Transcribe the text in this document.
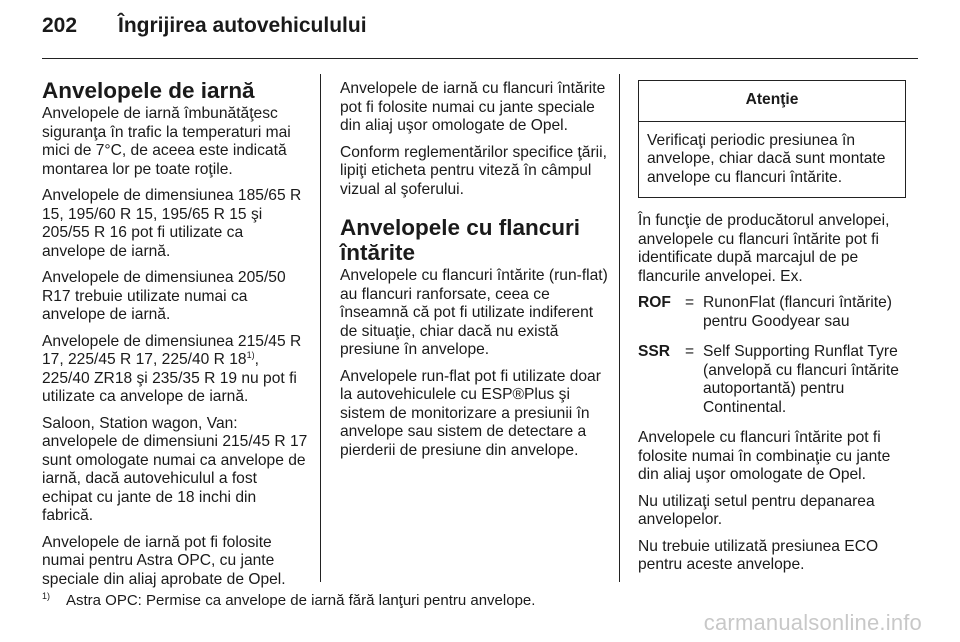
202 Îngrijirea autovehiculului
Anvelopele de iarnă

Anvelopele de iarnă îmbunătăţesc siguranţa în trafic la temperaturi mai mici de 7°C, de aceea este indicată montarea lor pe toate roţile.

Anvelopele de dimensiunea 185/65 R 15, 195/60 R 15, 195/65 R 15 şi 205/55 R 16 pot fi utilizate ca anvelope de iarnă.

Anvelopele de dimensiunea 205/50 R17 trebuie utilizate numai ca anvelope de iarnă.

Anvelopele de dimensiunea 215/45 R 17, 225/45 R 17, 225/40 R 18$^{1)}$, 225/40 ZR18 şi 235/35 R 19 nu pot fi utilizate ca anvelope de iarnă.

Saloon, Station wagon, Van: anvelopele de dimensiuni 215/45 R 17 sunt omologate numai ca anvelope de iarnă, dacă autovehiculul a fost echipat cu jante de 18 inchi din fabrică.

Anvelopele de iarnă pot fi folosite numai pentru Astra OPC, cu jante speciale din aliaj aprobate de Opel.

Anvelopele de iarnă cu flancuri întărite pot fi folosite numai cu jante speciale din aliaj uşor omologate de Opel.

Conform reglementărilor specifice ţării, lipiţi eticheta pentru viteză în câmpul vizual al şoferului.

Anvelopele cu flancuri întărite

Anvelopele cu flancuri întărite (run-flat) au flancuri ranforsate, ceea ce înseamnă că pot fi utilizate indiferent de situaţie, chiar dacă nu există presiune în anvelope.

Anvelopele run-flat pot fi utilizate doar la autovehiculele cu ESP®Plus şi sistem de monitorizare a presiunii în anvelope sau sistem de detectare a pierderii de presiune din anvelope.

Atenţie
Verificaţi periodic presiunea în anvelope, chiar dacă sunt montate anvelope cu flancuri întărite.

În funcţie de producătorul anvelopei, anvelopele cu flancuri întărite pot fi identificate după marcajul de pe flancurile anvelopei. Ex.

ROF = RunonFlat (flancuri întărite) pentru Goodyear sau
SSR = Self Supporting Runflat Tyre (anvelopă cu flancuri întărite autoportantă) pentru Continental.

Anvelopele cu flancuri întărite pot fi folosite numai în combinaţie cu jante din aliaj uşor omologate de Opel.

Nu utilizaţi setul pentru depanarea anvelopelor.

Nu trebuie utilizată presiunea ECO pentru aceste anvelope.

1) Astra OPC: Permise ca anvelope de iarnă fără lanţuri pentru anvelope.
carmanualsonline.info
